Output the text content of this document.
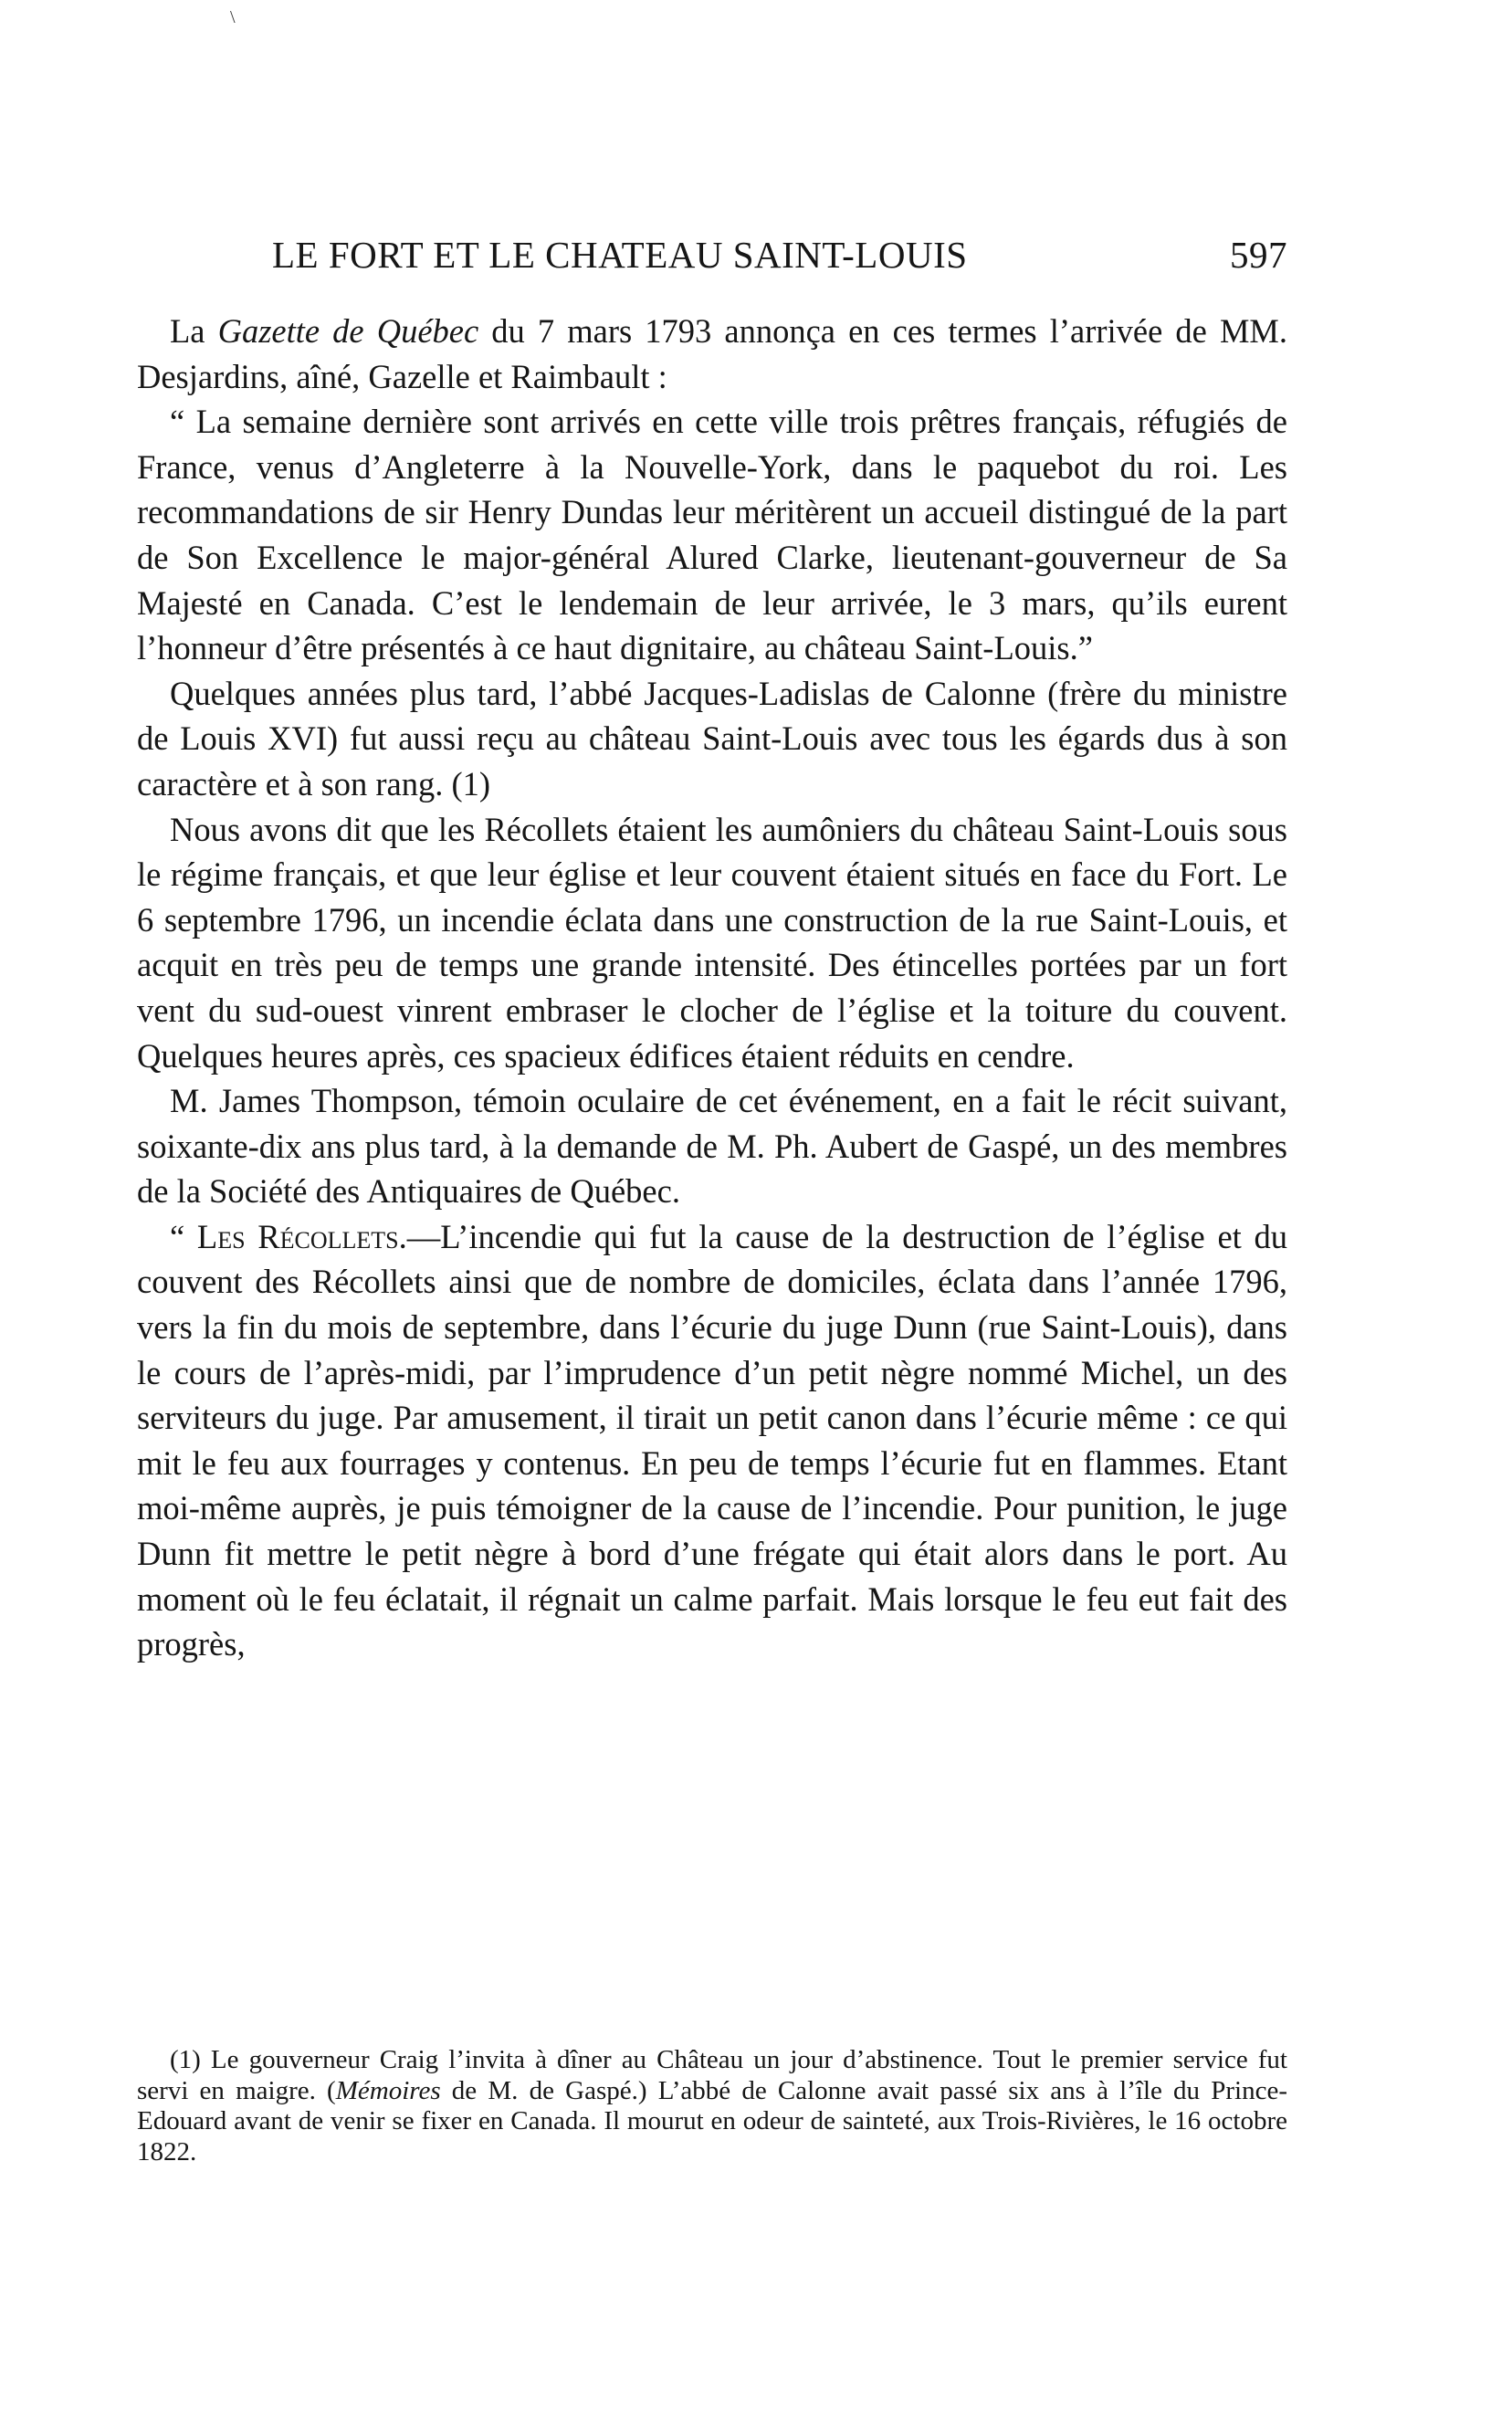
\
LE FORT ET LE CHATEAU SAINT-LOUIS	597

La Gazette de Québec du 7 mars 1793 annonça en ces termes l’arrivée de MM. Desjardins, aîné, Gazelle et Raimbault :

“ La semaine dernière sont arrivés en cette ville trois prêtres français, réfugiés de France, venus d’Angleterre à la Nouvelle-York, dans le paquebot du roi. Les recommandations de sir Henry Dundas leur méritèrent un accueil distingué de la part de Son Excellence le major-général Alured Clarke, lieutenant-gouverneur de Sa Majesté en Canada. C’est le lendemain de leur arrivée, le 3 mars, qu’ils eurent l’honneur d’être présentés à ce haut dignitaire, au château Saint-Louis.”

Quelques années plus tard, l’abbé Jacques-Ladislas de Calonne (frère du ministre de Louis XVI) fut aussi reçu au château Saint-Louis avec tous les égards dus à son caractère et à son rang. (1)

Nous avons dit que les Récollets étaient les aumôniers du château Saint-Louis sous le régime français, et que leur église et leur couvent étaient situés en face du Fort. Le 6 septembre 1796, un incendie éclata dans une construction de la rue Saint-Louis, et acquit en très peu de temps une grande intensité. Des étincelles portées par un fort vent du sud-ouest vinrent embraser le clocher de l’église et la toiture du couvent. Quelques heures après, ces spacieux édifices étaient réduits en cendre.

M. James Thompson, témoin oculaire de cet événement, en a fait le récit suivant, soixante-dix ans plus tard, à la demande de M. Ph. Aubert de Gaspé, un des membres de la Société des Antiquaires de Québec.

“ Les Récollets.—L’incendie qui fut la cause de la destruction de l’église et du couvent des Récollets ainsi que de nombre de domiciles, éclata dans l’année 1796, vers la fin du mois de septembre, dans l’écurie du juge Dunn (rue Saint-Louis), dans le cours de l’après-midi, par l’imprudence d’un petit nègre nommé Michel, un des serviteurs du juge. Par amusement, il tirait un petit canon dans l’écurie même : ce qui mit le feu aux fourrages y contenus. En peu de temps l’écurie fut en flammes. Etant moi-même auprès, je puis témoigner de la cause de l’incendie. Pour punition, le juge Dunn fit mettre le petit nègre à bord d’une frégate qui était alors dans le port. Au moment où le feu éclatait, il régnait un calme parfait. Mais lorsque le feu eut fait des progrès,

(1) Le gouverneur Craig l’invita à dîner au Château un jour d’abstinence. Tout le premier service fut servi en maigre. (Mémoires de M. de Gaspé.) L’abbé de Calonne avait passé six ans à l’île du Prince-Edouard avant de venir se fixer en Canada. Il mourut en odeur de sainteté, aux Trois-Rivières, le 16 octobre 1822.
